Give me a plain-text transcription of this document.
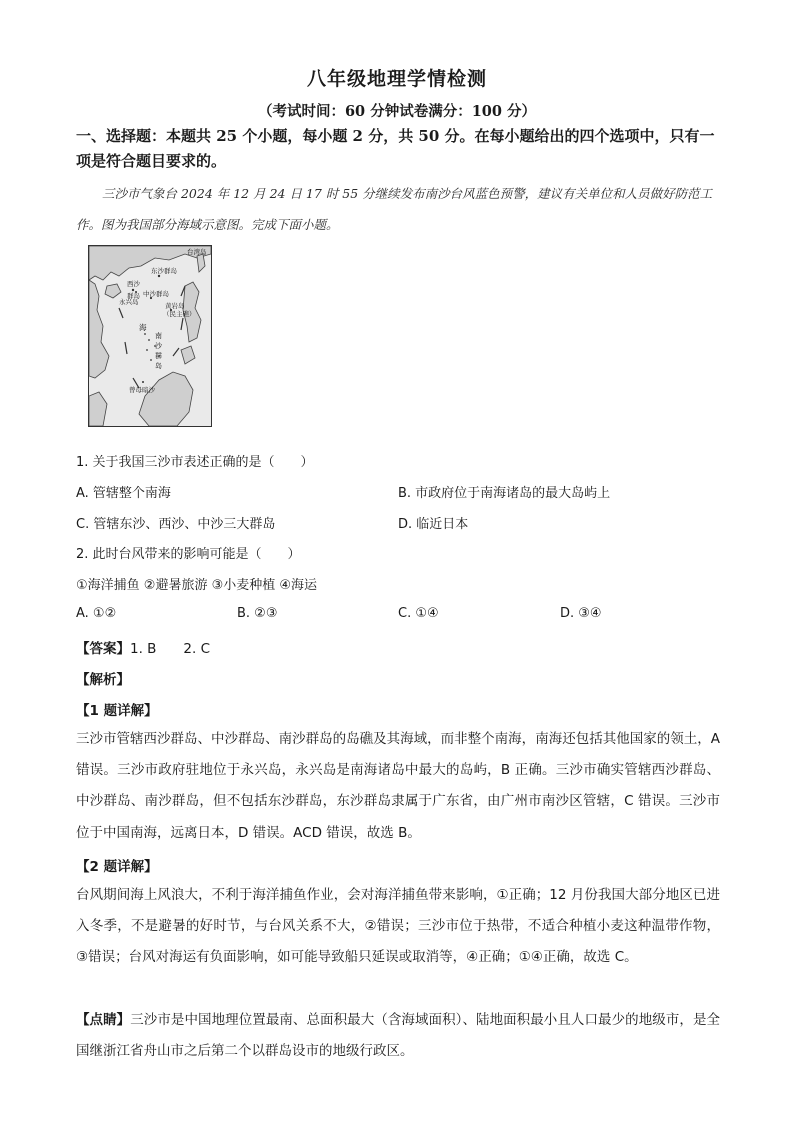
八年级地理学情检测
（考试时间：60 分钟试卷满分：100 分）
一、选择题：本题共 25 个小题，每小题 2 分，共 50 分。在每小题给出的四个选项中，只有一项是符合题目要求的。
三沙市气象台 2024 年 12 月 24 日 17 时 55 分继续发布南沙台风蓝色预警，建议有关单位和人员做好防范工作。图为我国部分海域示意图。完成下面小题。
台湾岛
东沙群岛
西沙
群岛 中沙群岛
永兴岛	黄岩岛
（民主礁）
海
南
沙
群
岛
曾母暗沙
1. 关于我国三沙市表述正确的是（　　）
A. 管辖整个南海	B. 市政府位于南海诸岛的最大岛屿上
C. 管辖东沙、西沙、中沙三大群岛	D. 临近日本
2. 此时台风带来的影响可能是（　　）
①海洋捕鱼 ②避暑旅游 ③小麦种植 ④海运
A. ①②	B. ②③	C. ①④	D. ③④
【答案】1. B　　2. C
【解析】
【1 题详解】
三沙市管辖西沙群岛、中沙群岛、南沙群岛的岛礁及其海域，而非整个南海，南海还包括其他国家的领土，A 错误。三沙市政府驻地位于永兴岛，永兴岛是南海诸岛中最大的岛屿，B 正确。三沙市确实管辖西沙群岛、中沙群岛、南沙群岛，但不包括东沙群岛，东沙群岛隶属于广东省，由广州市南沙区管辖，C 错误。三沙市位于中国南海，远离日本，D 错误。ACD 错误，故选 B。
【2 题详解】
台风期间海上风浪大，不利于海洋捕鱼作业，会对海洋捕鱼带来影响，①正确；12 月份我国大部分地区已进入冬季，不是避暑的好时节，与台风关系不大，②错误；三沙市位于热带，不适合种植小麦这种温带作物，③错误；台风对海运有负面影响，如可能导致船只延误或取消等，④正确；①④正确，故选 C。
【点睛】三沙市是中国地理位置最南、总面积最大（含海域面积）、陆地面积最小且人口最少的地级市，是全国继浙江省舟山市之后第二个以群岛设市的地级行政区。
